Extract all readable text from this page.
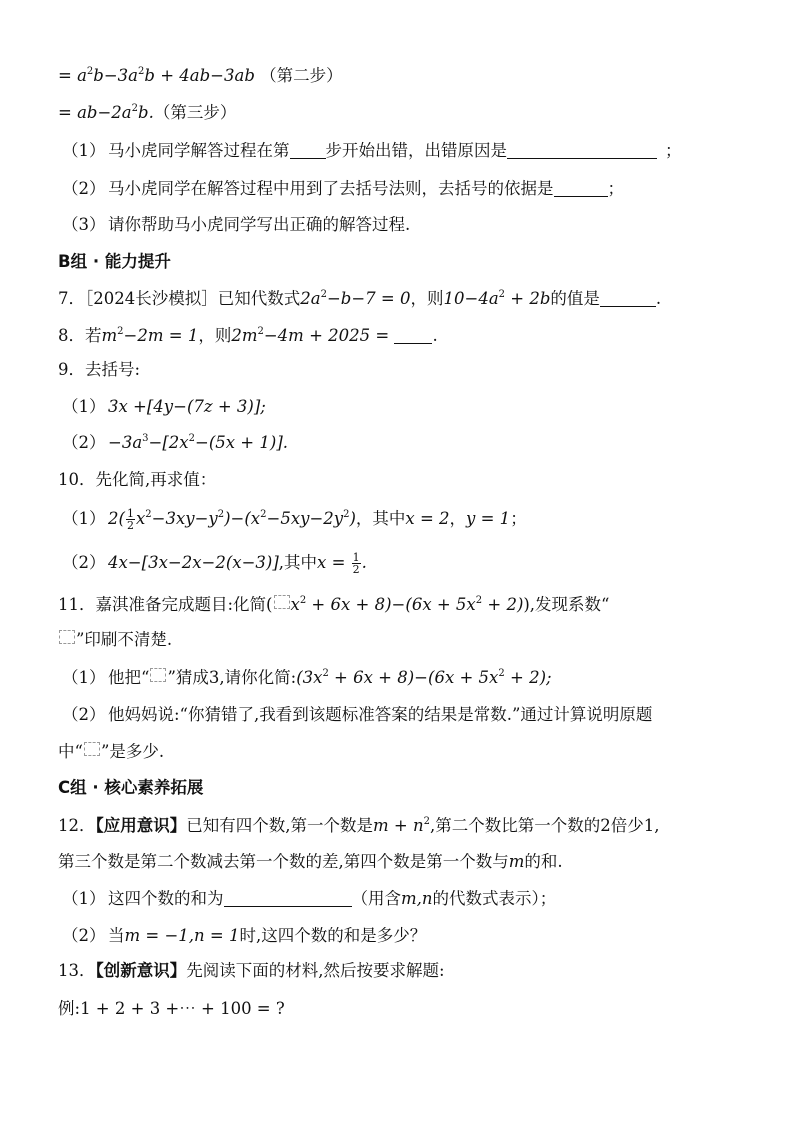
= $a^2b-3a^2b + 4ab-3ab$ （第二步）
= $ab-2a^2b$.（第三步）
（1） 马小虎同学解答过程在第 步开始出错，出错原因是	；
（2） 马小虎同学在解答过程中用到了去括号法则，去括号的依据是	；
（3） 请你帮助马小虎同学写出正确的解答过程.
B组 · 能力提升
7．［2024长沙模拟］已知代数式$2a^2-b-7 = 0$，则$10-4a^2 + 2b$的值是	.
8．若$m^2-2m = 1$，则$2m^2-4m + 2025$ = .
9．去括号:
（1） 3x +[4y−(7z + 3)];
$(2) -3a^3-[2x^2-(5x + 1)]$.
10．先化简,再求值：
（1） $2( \frac{1}{2} x^2-3xy-y^2)-(x^2-5xy-2y^2)$，其中x = 2，y = 1；
（2） 4x−[3x−2x−2(x−3)],其中$x = \frac{1}{2}$ .
11．嘉淇准备完成题目:化简( $x^2 + 6x + 8)-(6x + 5x^2 + 2)$),发现系数“
”印刷不清楚.
（1） 他把“ ”猜成3,请你化简$:(3x^2 + 6x + 8)-(6x + 5x^2 + 2)$;
（2） 他妈妈说:“你猜错了,我看到该题标准答案的结果是常数.”通过计算说明原题
中“ ”是多少.
C组 · 核心素养拓展
12．【应用意识】已知有四个数,第一个数是$m + n^2$,第二个数比第一个数的2倍少1,
第三个数是第二个数减去第一个数的差,第四个数是第一个数与m的和.
（1） 这四个数的和为	（用含m,n的代数式表示）；
（2） 当m = −1,n = 1时,这四个数的和是多少？
13．【创新意识】先阅读下面的材料,然后按要求解题:
例:1 + 2 + 3 +⋯ + 100 = ?
